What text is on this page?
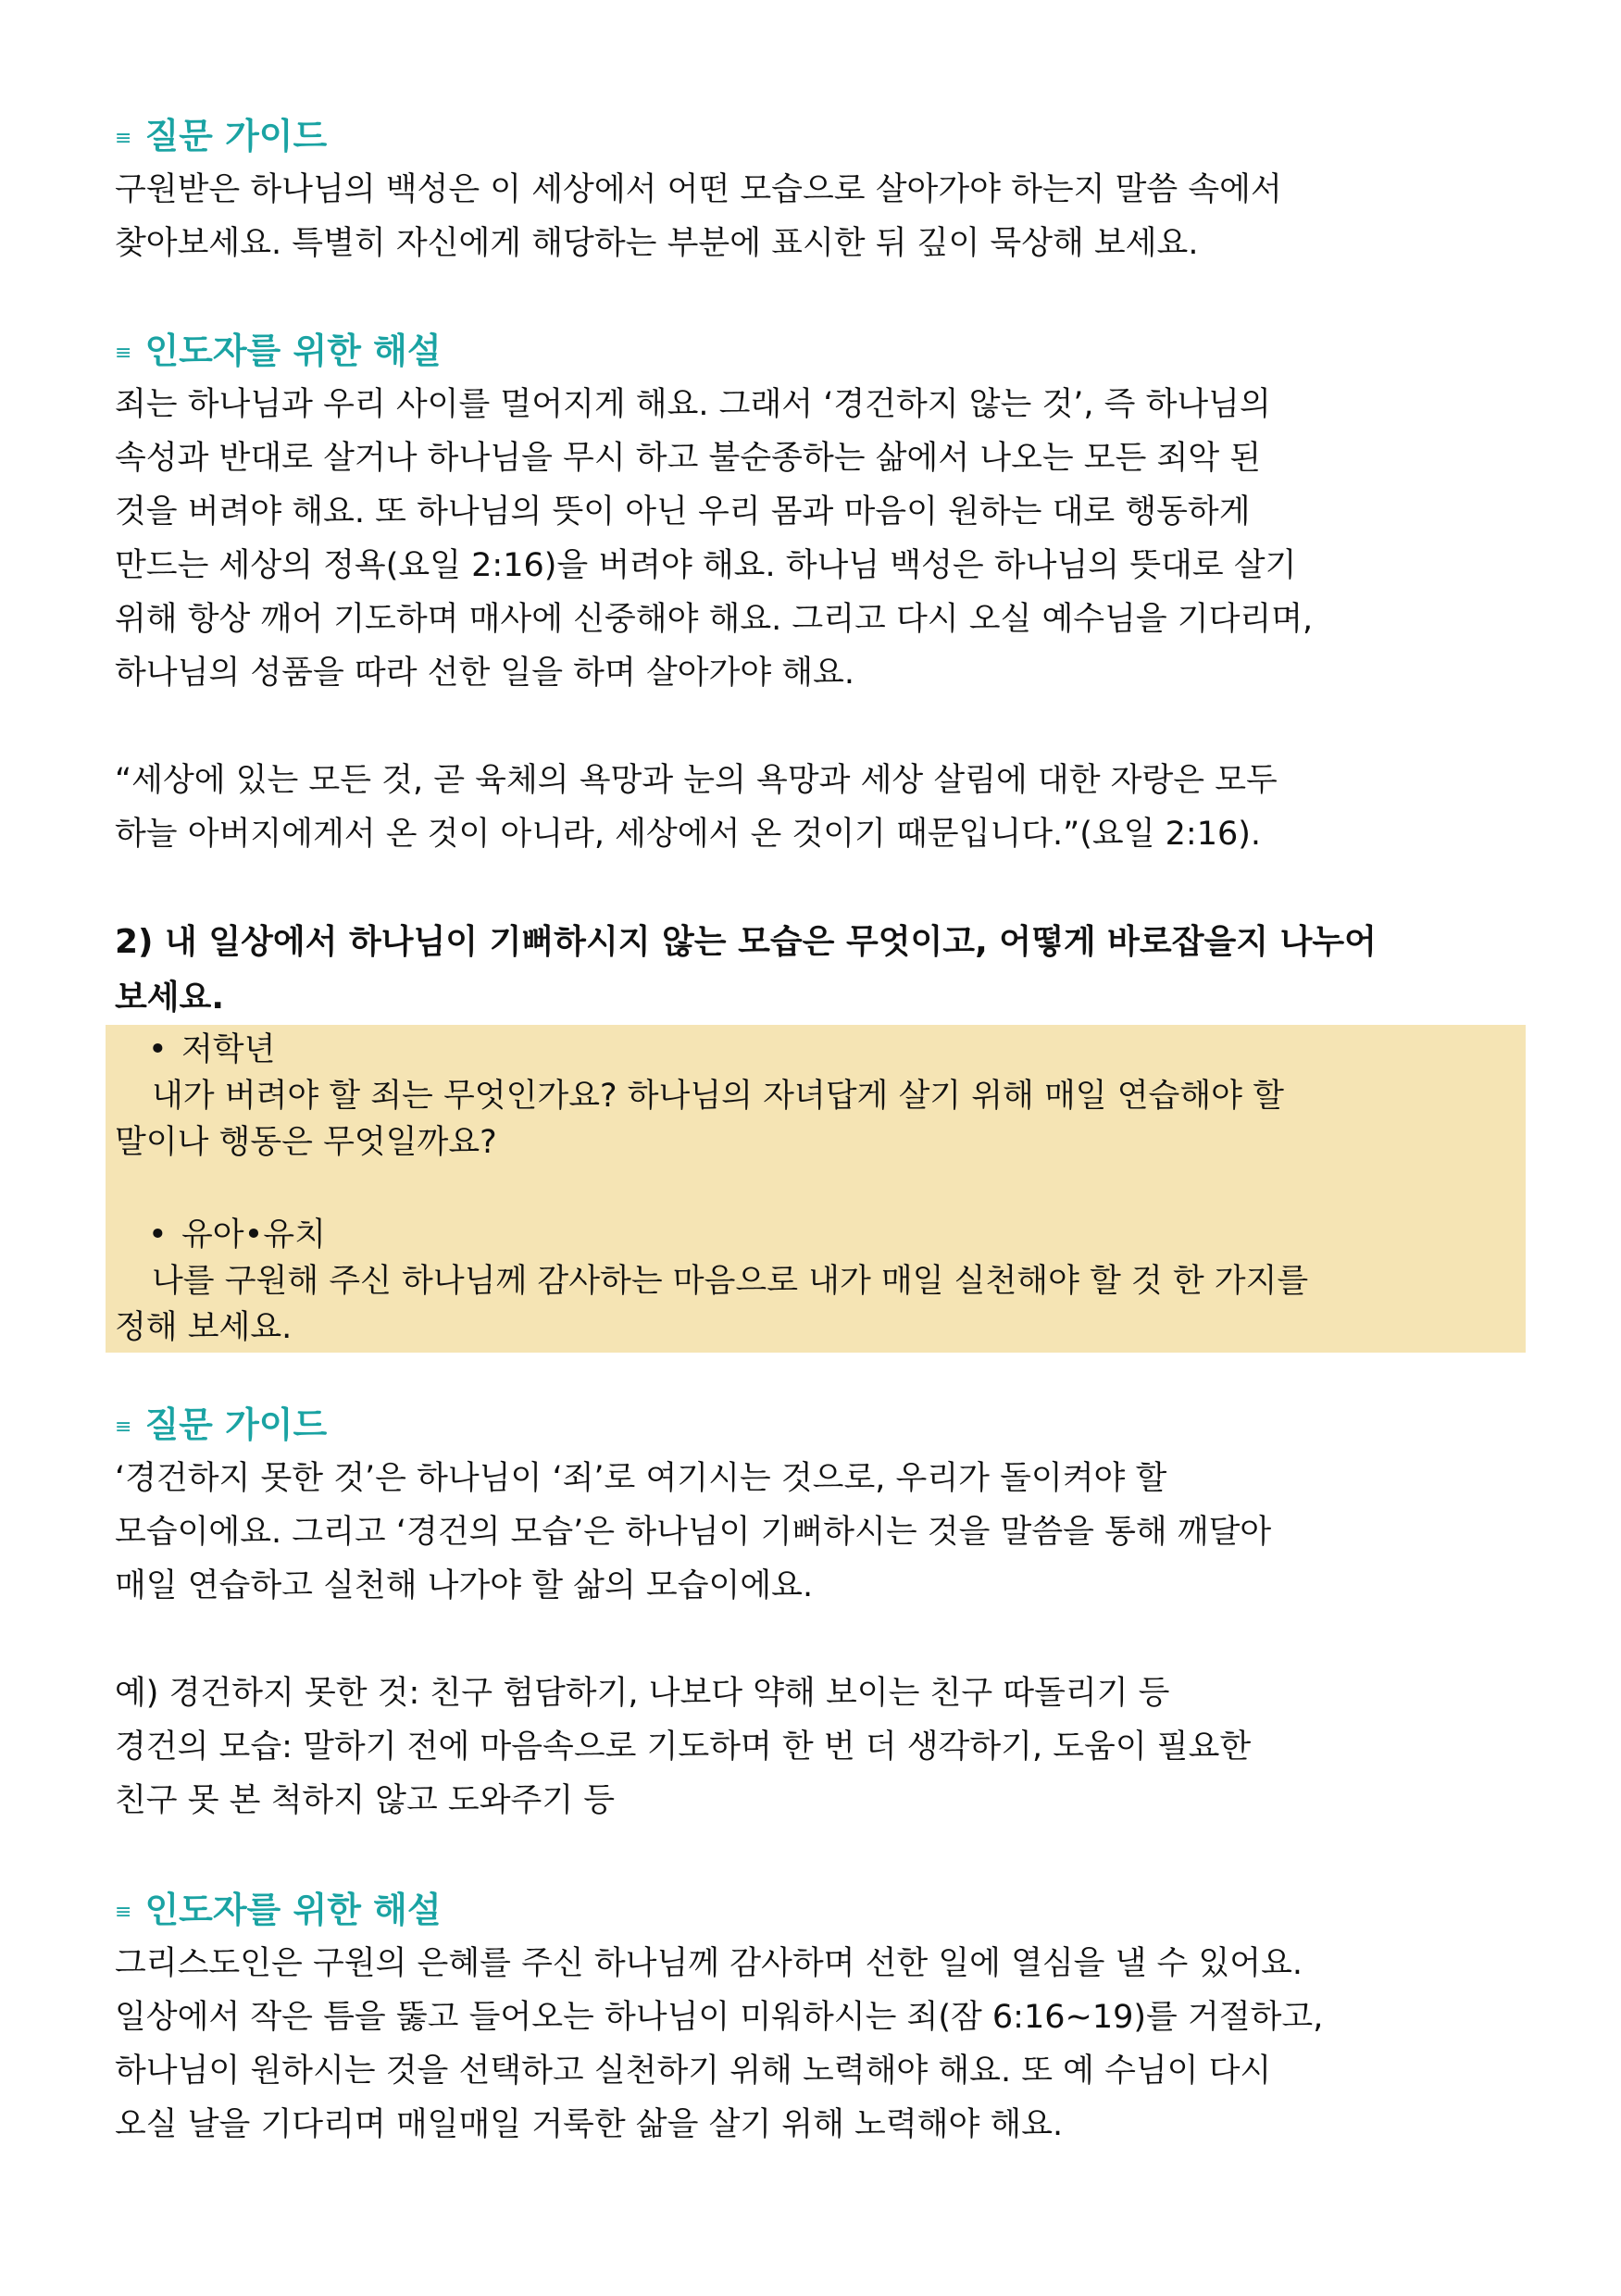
≡ 질문 가이드
구원받은 하나님의 백성은 이 세상에서 어떤 모습으로 살아가야 하는지 말씀 속에서
찾아보세요. 특별히 자신에게 해당하는 부분에 표시한 뒤 깊이 묵상해 보세요.
≡ 인도자를 위한 해설
죄는 하나님과 우리 사이를 멀어지게 해요. 그래서 ‘경건하지 않는 것’, 즉 하나님의
속성과 반대로 살거나 하나님을 무시 하고 불순종하는 삶에서 나오는 모든 죄악 된
것을 버려야 해요. 또 하나님의 뜻이 아닌 우리 몸과 마음이 원하는 대로 행동하게
만드는 세상의 정욕(요일 2:16)을 버려야 해요. 하나님 백성은 하나님의 뜻대로 살기
위해 항상 깨어 기도하며 매사에 신중해야 해요. 그리고 다시 오실 예수님을 기다리며,
하나님의 성품을 따라 선한 일을 하며 살아가야 해요.
“세상에 있는 모든 것, 곧 육체의 욕망과 눈의 욕망과 세상 살림에 대한 자랑은 모두
하늘 아버지에게서 온 것이 아니라, 세상에서 온 것이기 때문입니다.”(요일 2:16).
2) 내 일상에서 하나님이 기뻐하시지 않는 모습은 무엇이고, 어떻게 바로잡을지 나누어
보세요.
• 저학년
내가 버려야 할 죄는 무엇인가요? 하나님의 자녀답게 살기 위해 매일 연습해야 할
말이나 행동은 무엇일까요?
• 유아•유치
나를 구원해 주신 하나님께 감사하는 마음으로 내가 매일 실천해야 할 것 한 가지를
정해 보세요.
≡ 질문 가이드
‘경건하지 못한 것’은 하나님이 ‘죄’로 여기시는 것으로, 우리가 돌이켜야 할
모습이에요. 그리고 ‘경건의 모습’은 하나님이 기뻐하시는 것을 말씀을 통해 깨달아
매일 연습하고 실천해 나가야 할 삶의 모습이에요.
예) 경건하지 못한 것: 친구 험담하기, 나보다 약해 보이는 친구 따돌리기 등
경건의 모습: 말하기 전에 마음속으로 기도하며 한 번 더 생각하기, 도움이 필요한
친구 못 본 척하지 않고 도와주기 등
≡ 인도자를 위한 해설
그리스도인은 구원의 은혜를 주신 하나님께 감사하며 선한 일에 열심을 낼 수 있어요.
일상에서 작은 틈을 뚫고 들어오는 하나님이 미워하시는 죄(잠 6:16~19)를 거절하고,
하나님이 원하시는 것을 선택하고 실천하기 위해 노력해야 해요. 또 예 수님이 다시
오실 날을 기다리며 매일매일 거룩한 삶을 살기 위해 노력해야 해요.
